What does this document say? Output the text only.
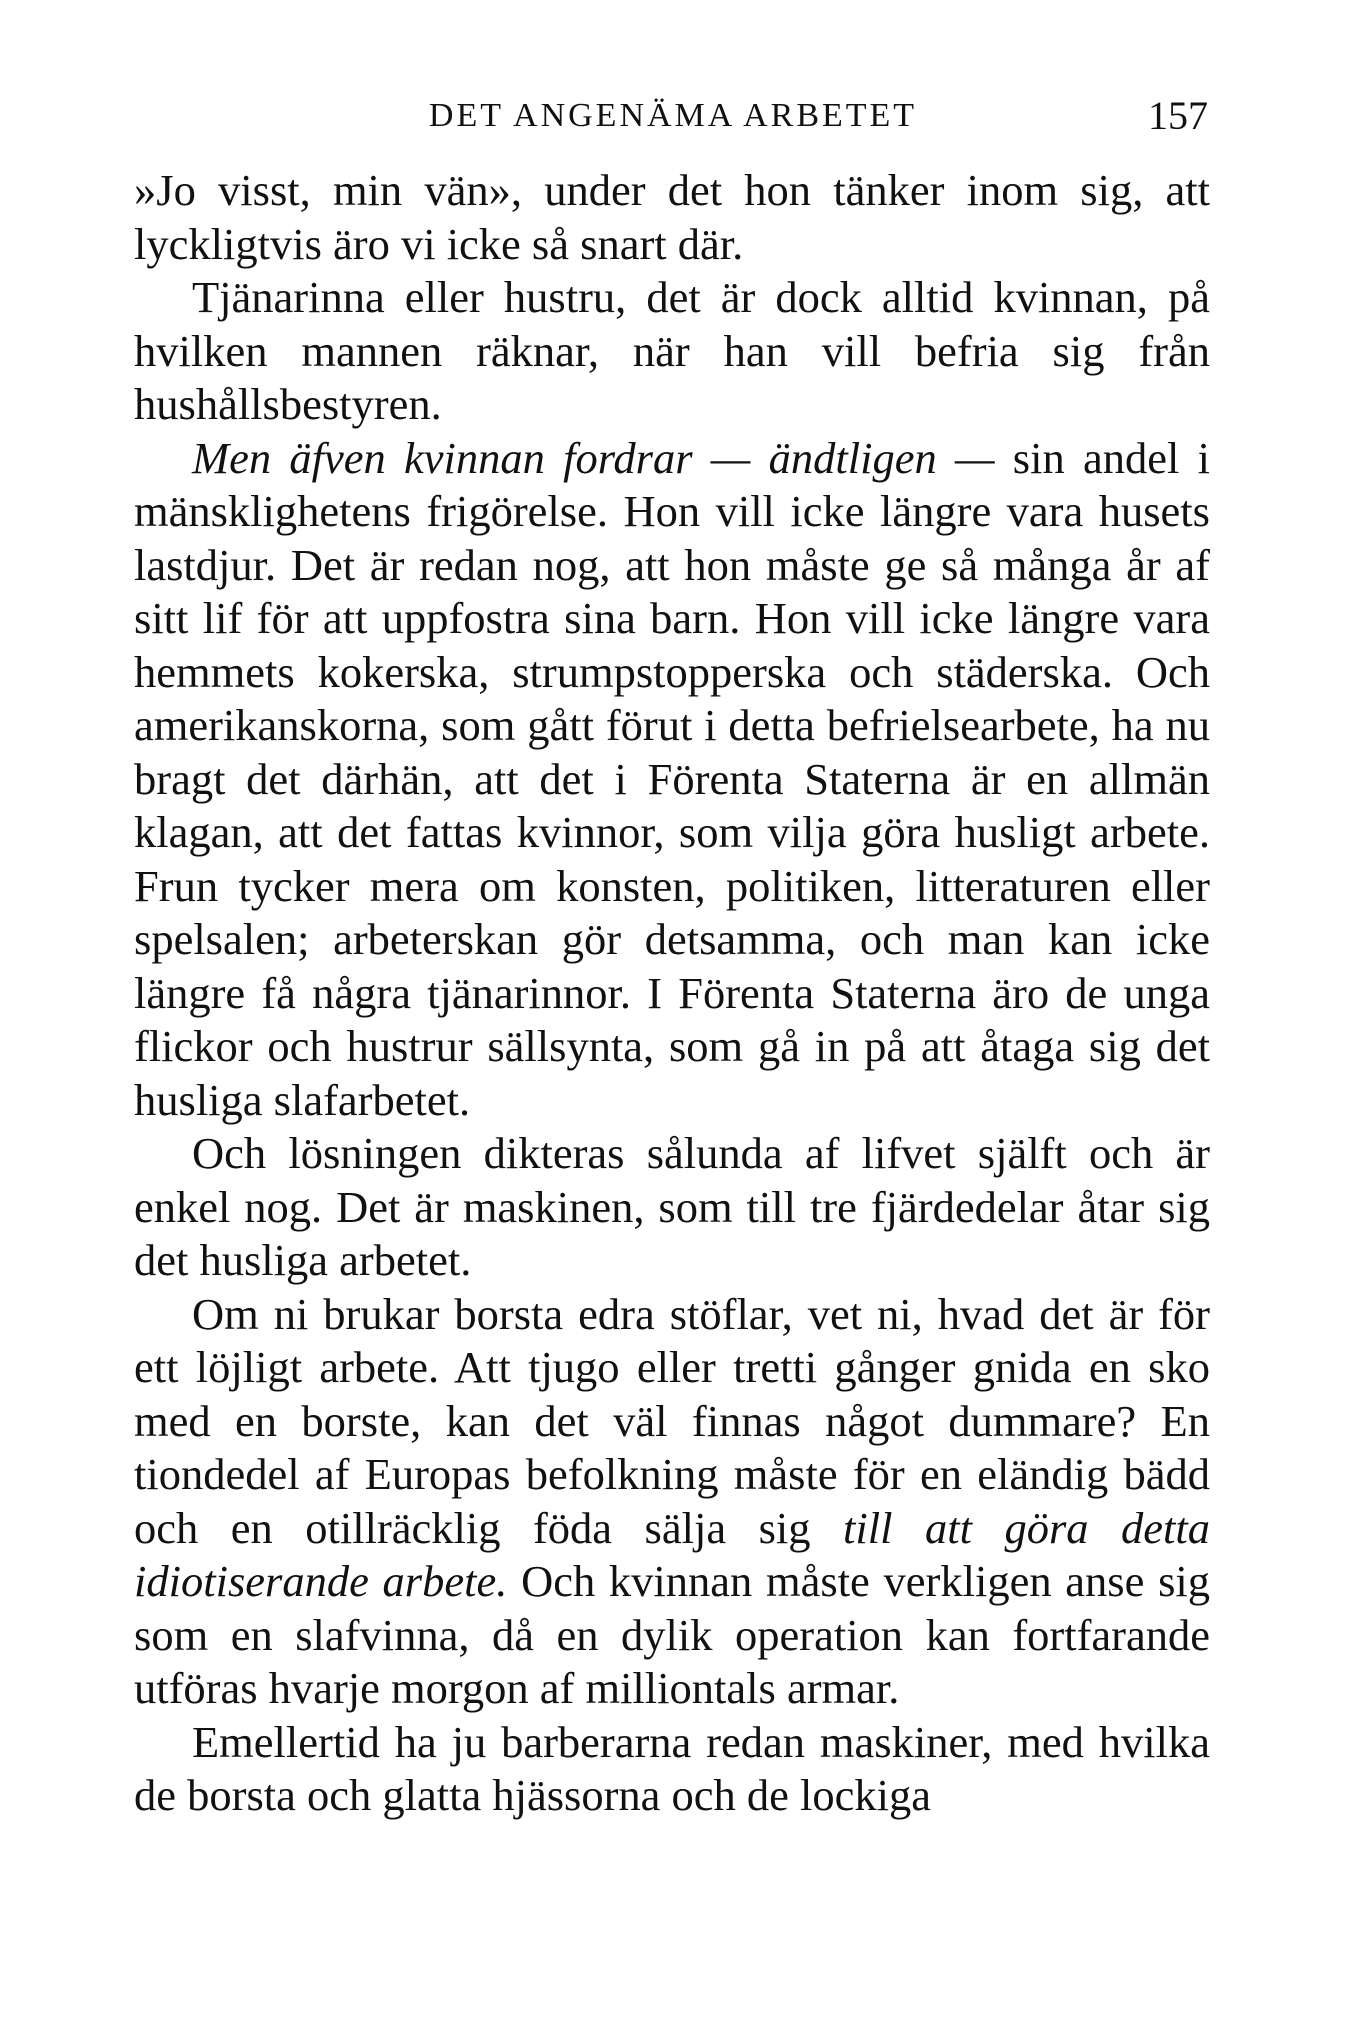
DET ANGENÄMA ARBETET	157

»Jo visst, min vän», under det hon tänker inom sig, att lyckligtvis äro vi icke så snart där.

Tjänarinna eller hustru, det är dock alltid kvinnan, på hvilken mannen räknar, när han vill befria sig från hushållsbestyren.

Men äfven kvinnan fordrar — ändtligen — sin andel i mänsklighetens frigörelse. Hon vill icke längre vara husets lastdjur. Det är redan nog, att hon måste ge så många år af sitt lif för att uppfostra sina barn. Hon vill icke längre vara hemmets kokerska, strumpstopperska och städerska. Och amerikanskorna, som gått förut i detta befrielsearbete, ha nu bragt det därhän, att det i Förenta Staterna är en allmän klagan, att det fattas kvinnor, som vilja göra husligt arbete. Frun tycker mera om konsten, politiken, litteraturen eller spelsalen; arbeterskan gör detsamma, och man kan icke längre få några tjänarinnor. I Förenta Staterna äro de unga flickor och hustrur sällsynta, som gå in på att åtaga sig det husliga slafarbetet.

Och lösningen dikteras sålunda af lifvet själft och är enkel nog. Det är maskinen, som till tre fjärdedelar åtar sig det husliga arbetet.

Om ni brukar borsta edra stöflar, vet ni, hvad det är för ett löjligt arbete. Att tjugo eller tretti gånger gnida en sko med en borste, kan det väl finnas något dummare? En tiondedel af Europas befolkning måste för en eländig bädd och en otillräcklig föda sälja sig till att göra detta idiotiserande arbete. Och kvinnan måste verkligen anse sig som en slafvinna, då en dylik operation kan fortfarande utföras hvarje morgon af milliontals armar.

Emellertid ha ju barberarna redan maskiner, med hvilka de borsta och glatta hjässorna och de lockiga
